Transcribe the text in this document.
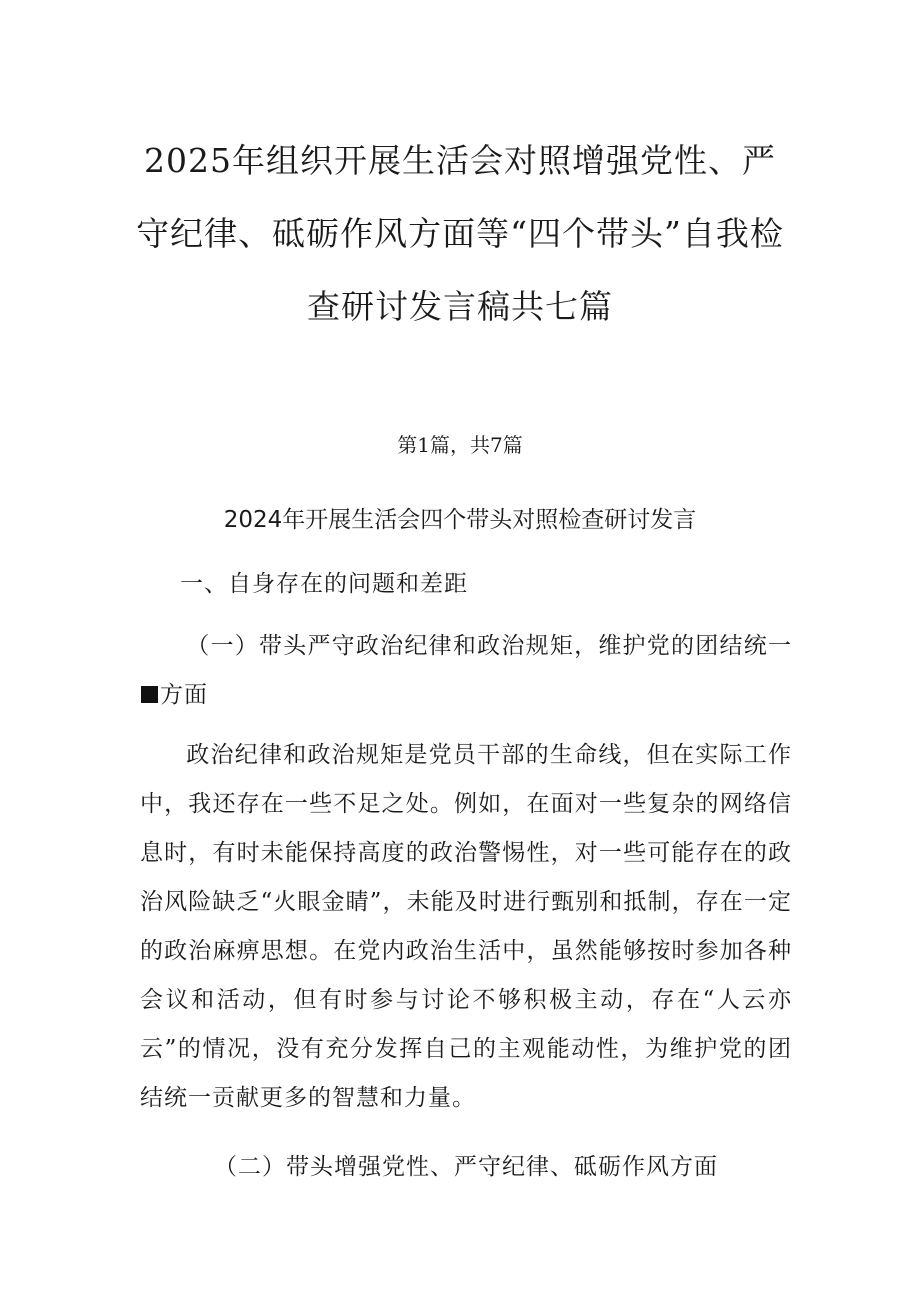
2025年组织开展生活会对照增强党性、严守纪律、砥砺作风方面等“四个带头”自我检查研讨发言稿共七篇
第1篇，共7篇
2024年开展生活会四个带头对照检查研讨发言
一、自身存在的问题和差距
（一）带头严守政治纪律和政治规矩，维护党的团结统一方面
政治纪律和政治规矩是党员干部的生命线，但在实际工作中，我还存在一些不足之处。例如，在面对一些复杂的网络信息时，有时未能保持高度的政治警惕性，对一些可能存在的政治风险缺乏“火眼金睛”，未能及时进行甄别和抵制，存在一定的政治麻痹思想。在党内政治生活中，虽然能够按时参加各种会议和活动，但有时参与讨论不够积极主动，存在“人云亦云”的情况，没有充分发挥自己的主观能动性，为维护党的团结统一贡献更多的智慧和力量。
（二）带头增强党性、严守纪律、砥砺作风方面
